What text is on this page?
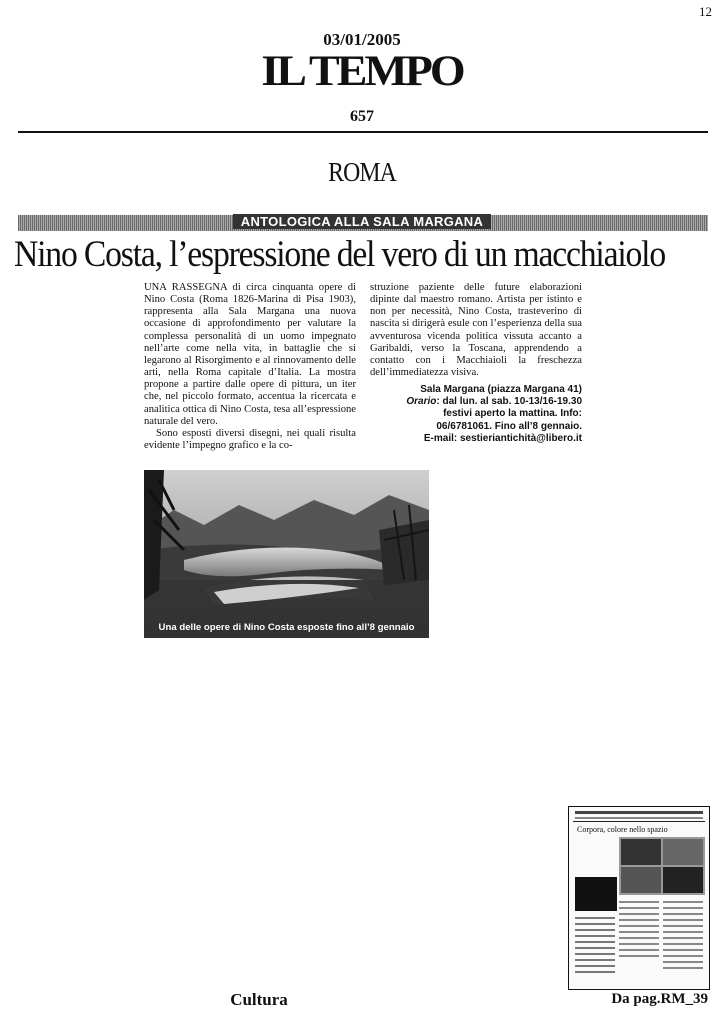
12
03/01/2005
IL TEMPO
657
ROMA
ANTOLOGICA ALLA SALA MARGANA
Nino Costa, l’espressione del vero di un macchiaiolo

UNA RASSEGNA di circa cinquanta opere di Nino Costa (Roma 1826-Marina di Pisa 1903), rappresenta alla Sala Margana una nuova occasione di approfondimento per valutare la complessa personalità di un uomo impegnato nell’arte come nella vita, in battaglie che si legarono al Risorgimento e al rinnovamento delle arti, nella Roma capitale d’Italia. La mostra propone a partire dalle opere di pittura, un iter che, nel piccolo formato, accentua la ricercata e analitica ottica di Nino Costa, tesa all’espressione naturale del vero.

Sono esposti diversi disegni, nei quali risulta evidente l’impegno grafico e la co-

struzione paziente delle future elaborazioni dipinte dal maestro romano. Artista per istinto e non per necessità, Nino Costa, trasteverino di nascita si dirigerà esule con l’esperienza della sua avventurosa vicenda politica vissuta accanto a Garibaldi, verso la Toscana, apprendendo a contatto con i Macchiaioli la freschezza dell’immediatezza visiva.

Sala Margana (piazza Margana 41)
Orario: dal lun. al sab. 10-13/16-19.30
festivi aperto la mattina. Info:
06/6781061. Fino all’8 gennaio.
E-mail: sestieriantichità@libero.it
Una delle opere di Nino Costa esposte fino all’8 gennaio
Corpora, colore nello spazio
Cultura	Da pag.RM_39
